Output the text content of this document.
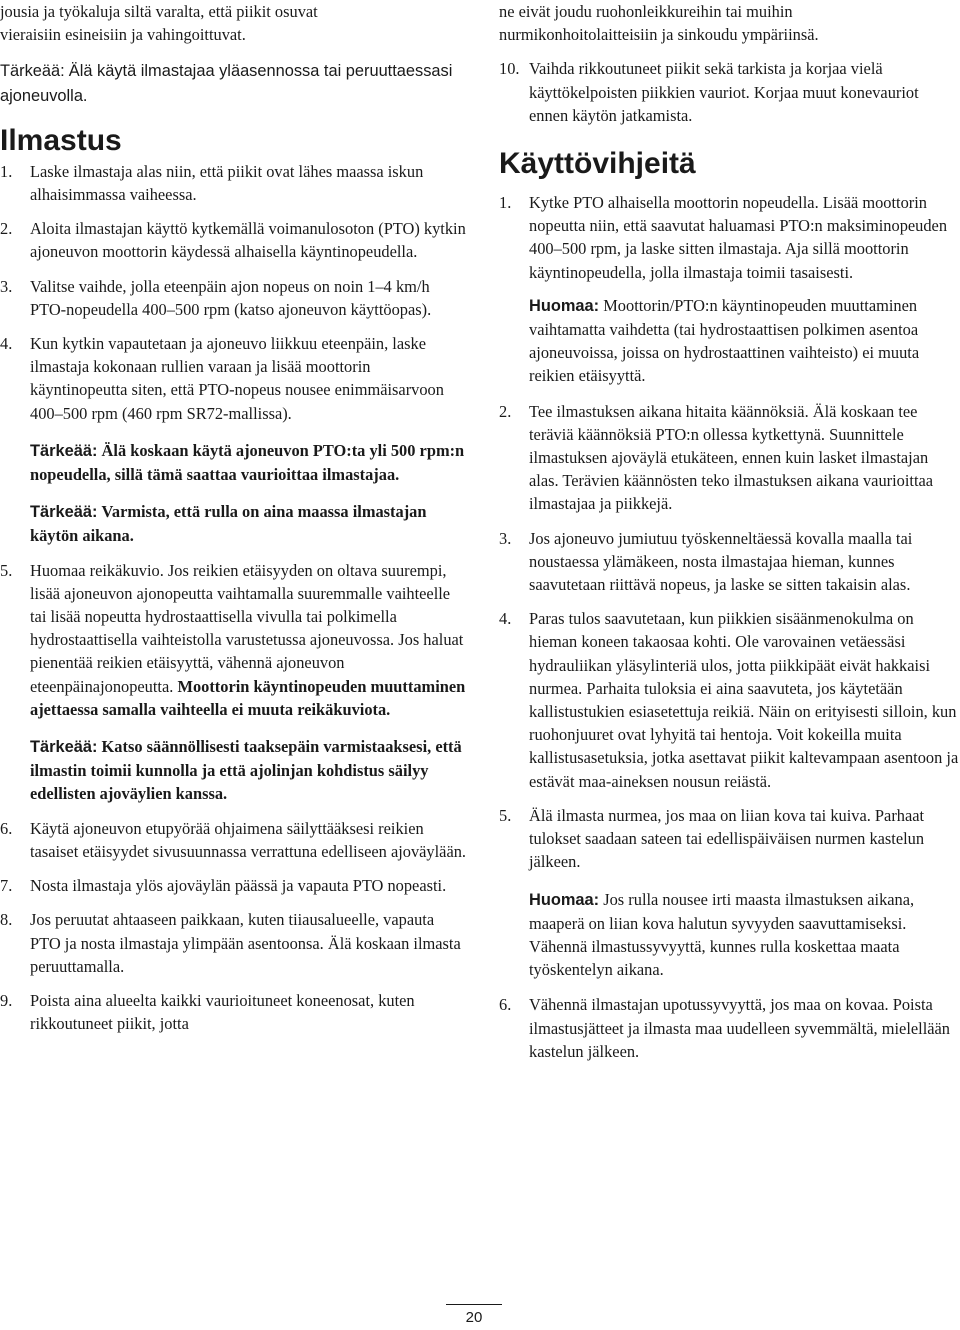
jousia ja työkaluja siltä varalta, että piikit osuvat

vieraisiin esineisiin ja vahingoittuvat.

Tärkeää: Älä käytä ilmastajaa yläasennossa tai peruuttaessasi ajoneuvolla.

Ilmastus
1.	Laske ilmastaja alas niin, että piikit ovat lähes maassa iskun alhaisimmassa vaiheessa.
2.	Aloita ilmastajan käyttö kytkemällä voimanulosoton (PTO) kytkin ajoneuvon moottorin käydessä alhaisella käyntinopeudella.
3.	Valitse vaihde, jolla eteenpäin ajon nopeus on noin 1–4 km/h PTO-nopeudella 400–500 rpm (katso ajoneuvon käyttöopas).
4.	Kun kytkin vapautetaan ja ajoneuvo liikkuu eteenpäin, laske ilmastaja kokonaan rullien varaan ja lisää moottorin käyntinopeutta siten, että PTO-nopeus nousee enimmäisarvoon 400–500 rpm (460 rpm SR72-mallissa).

Tärkeää: Älä koskaan käytä ajoneuvon PTO:ta yli 500 rpm:n nopeudella, sillä tämä saattaa vaurioittaa ilmastajaa.

Tärkeää: Varmista, että rulla on aina maassa ilmastajan käytön aikana.

5.	Huomaa reikäkuvio. Jos reikien etäisyyden on oltava suurempi, lisää ajoneuvon ajonopeutta vaihtamalla suuremmalle vaihteelle tai lisää nopeutta hydrostaattisella vivulla tai polkimella hydrostaattisella vaihteistolla varustetussa ajoneuvossa. Jos haluat pienentää reikien etäisyyttä, vähennä ajoneuvon eteenpäinajonopeutta. Moottorin käyntinopeuden muuttaminen ajettaessa samalla vaihteella ei muuta reikäkuviota.

Tärkeää: Katso säännöllisesti taaksepäin varmistaaksesi, että ilmastin toimii kunnolla ja että ajolinjan kohdistus säilyy edellisten ajoväylien kanssa.

6.	Käytä ajoneuvon etupyörää ohjaimena säilyttääksesi reikien tasaiset etäisyydet sivusuunnassa verrattuna edelliseen ajoväylään.
7.	Nosta ilmastaja ylös ajoväylän päässä ja vapauta PTO nopeasti.
8.	Jos peruutat ahtaaseen paikkaan, kuten tiiausalueelle, vapauta PTO ja nosta ilmastaja ylimpään asentoonsa. Älä koskaan ilmasta peruuttamalla.
9.	Poista aina alueelta kaikki vaurioituneet koneenosat, kuten rikkoutuneet piikit, jotta

ne eivät joudu ruohonleikkureihin tai muihin

nurmikonhoitolaitteisiin ja sinkoudu ympäriinsä.

10. Vaihda rikkoutuneet piikit sekä tarkista ja korjaa vielä käyttökelpoisten piikkien vauriot. Korjaa muut konevauriot ennen käytön jatkamista.
Käyttövihjeitä
1.	Kytke PTO alhaisella moottorin nopeudella. Lisää moottorin nopeutta niin, että saavutat haluamasi PTO:n maksiminopeuden 400–500 rpm, ja laske sitten ilmastaja. Aja sillä moottorin käyntinopeudella, jolla ilmastaja toimii tasaisesti.

Huomaa: Moottorin/PTO:n käyntinopeuden muuttaminen vaihtamatta vaihdetta (tai hydrostaattisen polkimen asentoa ajoneuvoissa, joissa on hydrostaattinen vaihteisto) ei muuta reikien etäisyyttä.

2.	Tee ilmastuksen aikana hitaita käännöksiä. Älä koskaan tee teräviä käännöksiä PTO:n ollessa kytkettynä. Suunnittele ilmastuksen ajoväylä etukäteen, ennen kuin lasket ilmastajan alas. Terävien käännösten teko ilmastuksen aikana vaurioittaa ilmastajaa ja piikkejä.
3.	Jos ajoneuvo jumiutuu työskenneltäessä kovalla maalla tai noustaessa ylämäkeen, nosta ilmastajaa hieman, kunnes saavutetaan riittävä nopeus, ja laske se sitten takaisin alas.
4.	Paras tulos saavutetaan, kun piikkien sisäänmenokulma on hieman koneen takaosaa kohti. Ole varovainen vetäessäsi hydrauliikan yläsylinteriä ulos, jotta piikkipäät eivät hakkaisi nurmea. Parhaita tuloksia ei aina saavuteta, jos käytetään kallistustukien esiasetettuja reikiä. Näin on erityisesti silloin, kun ruohonjuuret ovat lyhyitä tai hentoja. Voit kokeilla muita kallistusasetuksia, jotka asettavat piikit kaltevampaan asentoon ja estävät maa-aineksen nousun reiästä.
5.	Älä ilmasta nurmea, jos maa on liian kova tai kuiva. Parhaat tulokset saadaan sateen tai edellispäiväisen nurmen kastelun jälkeen.

Huomaa: Jos rulla nousee irti maasta ilmastuksen aikana, maaperä on liian kova halutun syvyyden saavuttamiseksi. Vähennä ilmastussyvyyttä, kunnes rulla koskettaa maata työskentelyn aikana.

6.	Vähennä ilmastajan upotussyvyyttä, jos maa on kovaa. Poista ilmastusjätteet ja ilmasta maa uudelleen syvemmältä, mielellään kastelun jälkeen.
20
